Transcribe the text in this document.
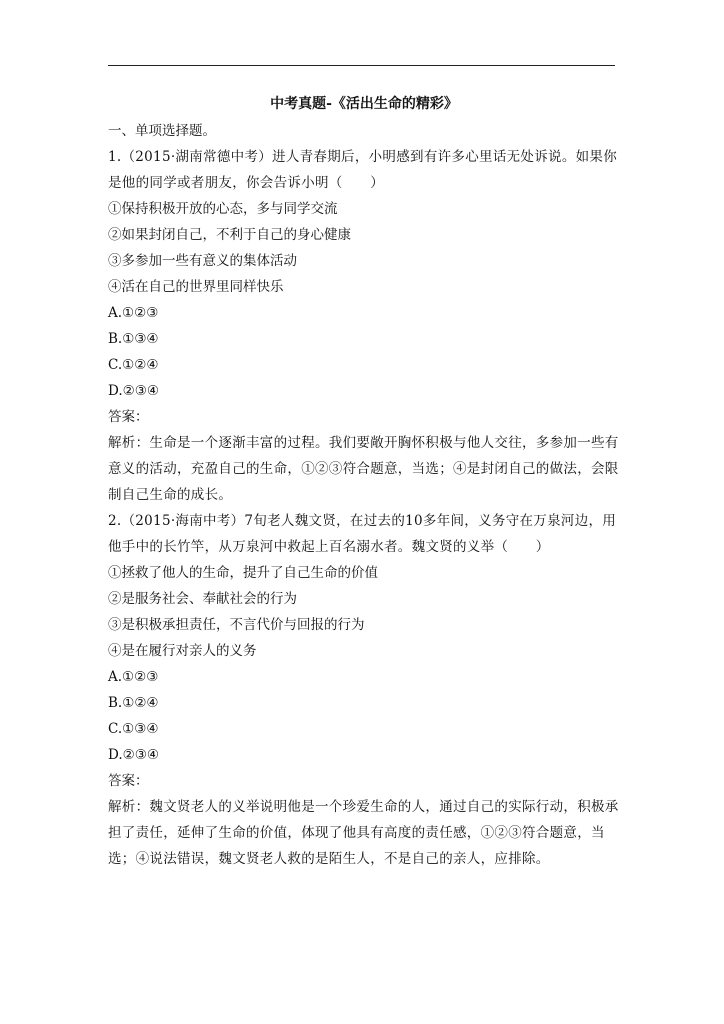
中考真题-《活出生命的精彩》

一、单项选择题。

1.（2015·湖南常德中考）进人青春期后，小明感到有许多心里话无处诉说。如果你是他的同学或者朋友，你会告诉小明（　　）

①保持积极开放的心态，多与同学交流

②如果封闭自己，不利于自己的身心健康

③多参加一些有意义的集体活动

④活在自己的世界里同样快乐

A.①②③

B.①③④

C.①②④

D.②③④

答案：

解析：生命是一个逐渐丰富的过程。我们要敞开胸怀积极与他人交往，多参加一些有意义的活动，充盈自己的生命，①②③符合题意，当选；④是封闭自己的做法，会限制自己生命的成长。

2.（2015·海南中考）7旬老人魏文贤，在过去的10多年间，义务守在万泉河边，用他手中的长竹竿，从万泉河中救起上百名溺水者。魏文贤的义举（　　）

①拯救了他人的生命，提升了自己生命的价值

②是服务社会、奉献社会的行为

③是积极承担责任，不言代价与回报的行为

④是在履行对亲人的义务

A.①②③

B.①②④

C.①③④

D.②③④

答案：

解析：魏文贤老人的义举说明他是一个珍爱生命的人，通过自己的实际行动，积极承担了责任，延伸了生命的价值，体现了他具有高度的责任感，①②③符合题意，当选；④说法错误，魏文贤老人救的是陌生人，不是自己的亲人，应排除。
